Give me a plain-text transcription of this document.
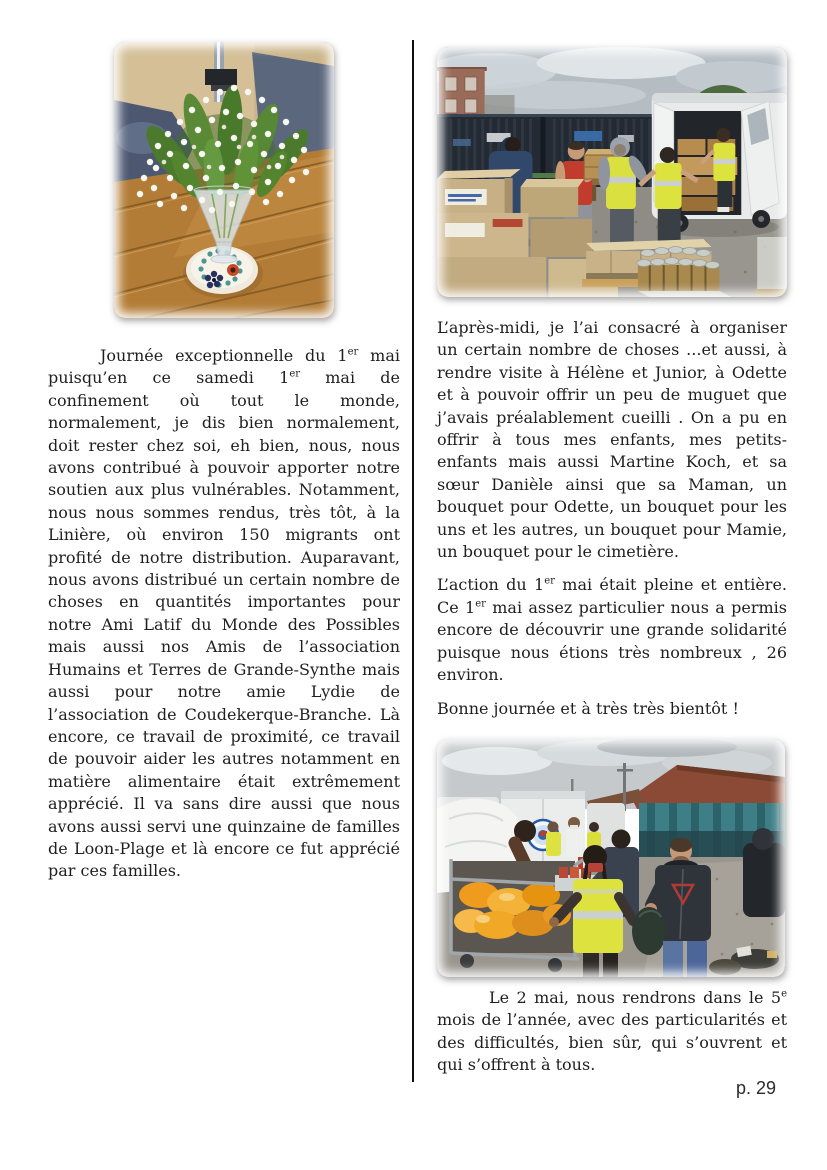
Journée exceptionnelle du 1er mai puisqu’en ce samedi 1er mai de confinement où tout le monde, normalement, je dis bien normalement, doit rester chez soi, eh bien, nous, nous avons contribué à pouvoir apporter notre soutien aux plus vulnérables. Notamment, nous nous sommes rendus, très tôt, à la Linière, où environ 150 migrants ont profité de notre distribution. Auparavant, nous avons distribué un certain nombre de choses en quantités importantes pour notre Ami Latif du Monde des Possibles mais aussi nos Amis de l’association Humains et Terres de Grande-Synthe mais aussi pour notre amie Lydie de l’association de Coudekerque-Branche. Là encore, ce travail de proximité, ce travail de pouvoir aider les autres notamment en matière alimentaire était extrêmement apprécié. Il va sans dire aussi que nous avons aussi servi une quinzaine de familles de Loon-Plage et là encore ce fut apprécié par ces familles.

L’après-midi, je l’ai consacré à organiser un certain nombre de choses ...et aussi, à rendre visite à Hélène et Junior, à Odette et à pouvoir offrir un peu de muguet que j’avais préalablement cueilli . On a pu en offrir à tous mes enfants, mes petits-enfants mais aussi Martine Koch, et sa sœur Danièle ainsi que sa Maman, un bouquet pour Odette, un bouquet pour les uns et les autres, un bouquet pour Mamie, un bouquet pour le cimetière.

L’action du 1er mai était pleine et entière. Ce 1er mai assez particulier nous a permis encore de découvrir une grande solidarité puisque nous étions très nombreux , 26 environ.

Bonne journée et à très très bientôt !

Le 2 mai, nous rendrons dans le 5e mois de l’année, avec des particularités et des difficultés, bien sûr, qui s’ouvrent et qui s’offrent à tous.

p. 29
